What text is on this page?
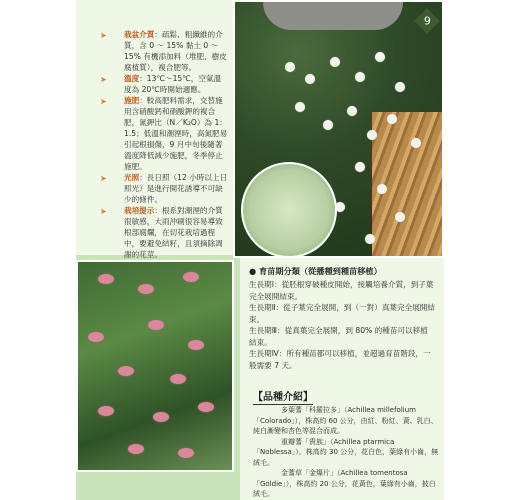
9
➤ 栽盆介質：疏鬆、粗纖維的介質，含 0 ～ 15% 黏土 0 ～ 15% 有機添加料（堆肥、樹皮腐植質），複合肥等。
➤ 溫度：13℃～15℃，空氣溫度為 20℃時開始適應。
➤ 施肥：較高肥料需求，交替施用含硝酸鈣和硝酸鉀的複合肥，氮鉀比（N／K₂O）為 1：1.5；低溫和潮溼時，高氮肥易引起根損傷，9 月中旬後隨著溫度降低減少施肥，冬季停止施肥。
➤ 光照：長日照（12 小時以上日照光）是進行開花誘導不可缺少的條件。
➤ 栽培提示：根系對潮溼的介質很敏感，大雨沖刷很容易導致根部腐爛，在切花栽培過程中，要避免結籽，且須摘除凋謝的花莖。
● 育苗期分類（從播種到種苗移植）
生長期Ⅰ：從胚根穿破種皮開始，接觸培養介質，到子葉完全展開結束。
生長期Ⅱ：從子葉完全展開，到（一對）真葉完全展開結束。
生長期Ⅲ：從真葉完全展開，到 80% 的種苗可以移植結束。
生長期Ⅳ：所有種苗都可以移植，並超過育苗階段，一般需要 7 天。
【品種介紹】
多葉蓍「科羅拉多」（Achillea millefolium「Colorado」），株高約 60 公分，由紅、粉紅、黃、乳白、純白漸變和杏色等混合而成。
重瓣蓍「貴族」（Achillea ptarmica「Noblessa」），株高約 30 公分，花白色，葉綠有小齒，無絨毛。
金蓍草「金爆片」（Achillea tomentosa「Goldie」），株高約 20 公分，花黃色，葉綠有小齒，披白絨毛。
